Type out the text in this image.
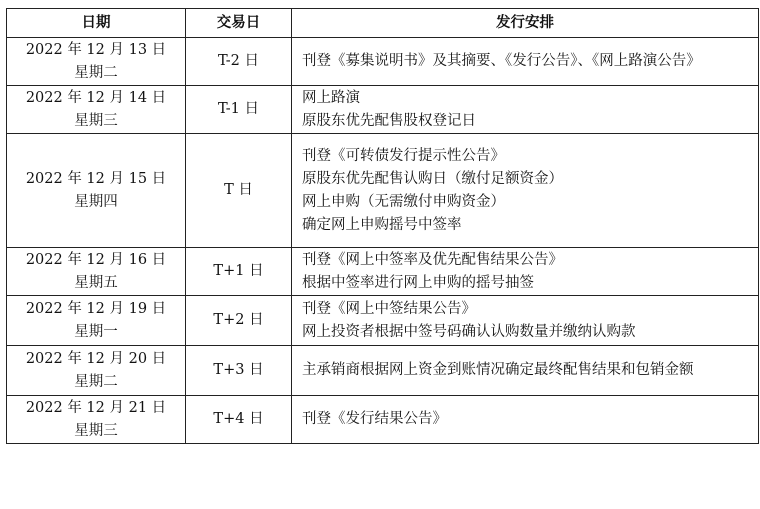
日期	交易日	发行安排

2022 年 12 月 13 日
星期二	T-2 日	刊登《募集说明书》及其摘要、《发行公告》、《网上路演公告》

2022 年 12 月 14 日
星期三	T-1 日	网上路演
原股东优先配售股权登记日

2022 年 12 月 15 日
星期四	T 日	刊登《可转债发行提示性公告》
原股东优先配售认购日（缴付足额资金）
网上申购（无需缴付申购资金）
确定网上申购摇号中签率

2022 年 12 月 16 日
星期五	T+1 日	刊登《网上中签率及优先配售结果公告》
根据中签率进行网上申购的摇号抽签

2022 年 12 月 19 日
星期一	T+2 日	刊登《网上中签结果公告》
网上投资者根据中签号码确认认购数量并缴纳认购款

2022 年 12 月 20 日
星期二	T+3 日	主承销商根据网上资金到账情况确定最终配售结果和包销金额

2022 年 12 月 21 日
星期三	T+4 日	刊登《发行结果公告》
